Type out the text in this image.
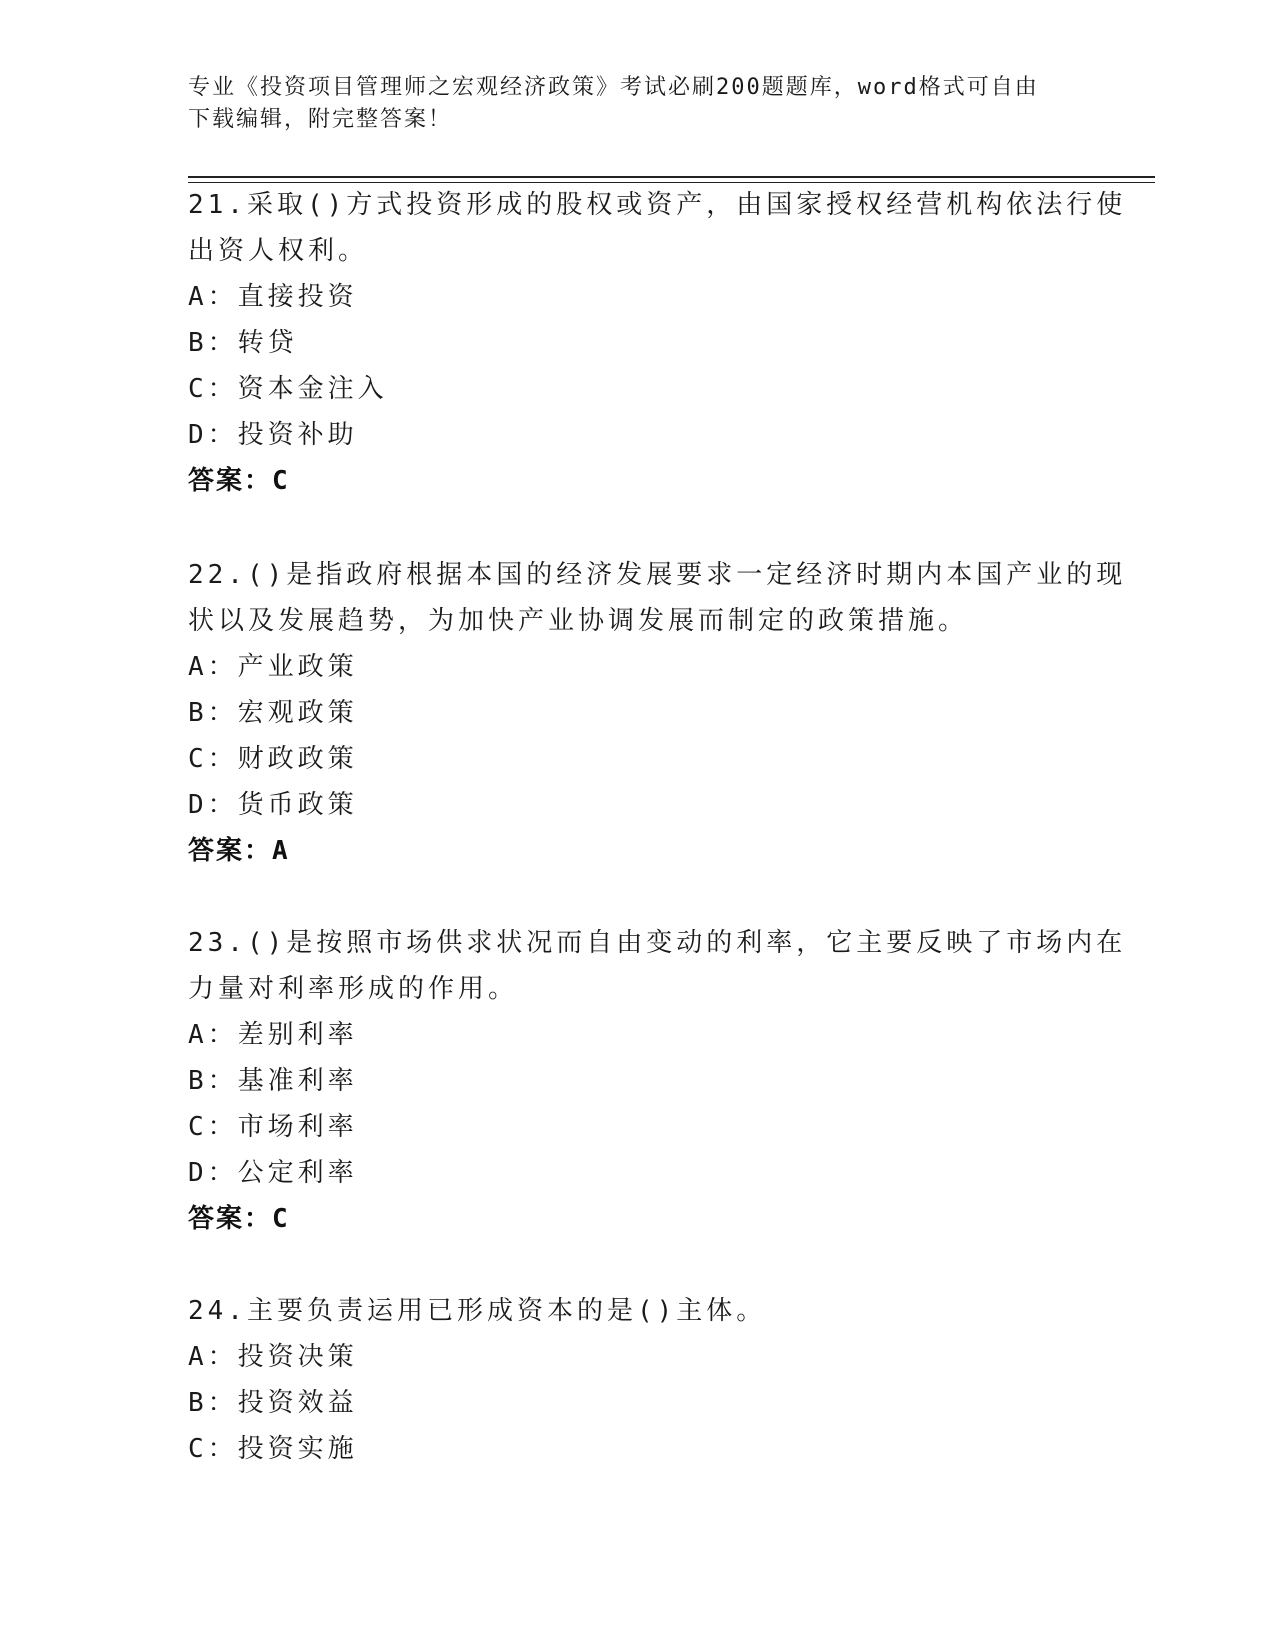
专业《投资项目管理师之宏观经济政策》考试必刷200题题库，word格式可自由
下载编辑，附完整答案！
21.采取()方式投资形成的股权或资产，由国家授权经营机构依法行使
出资人权利。
A：直接投资
B：转贷
C：资本金注入
D：投资补助
答案：C
22.()是指政府根据本国的经济发展要求一定经济时期内本国产业的现
状以及发展趋势，为加快产业协调发展而制定的政策措施。
A：产业政策
B：宏观政策
C：财政政策
D：货币政策
答案：A
23.()是按照市场供求状况而自由变动的利率，它主要反映了市场内在
力量对利率形成的作用。
A：差别利率
B：基准利率
C：市场利率
D：公定利率
答案：C
24.主要负责运用已形成资本的是()主体。
A：投资决策
B：投资效益
C：投资实施
